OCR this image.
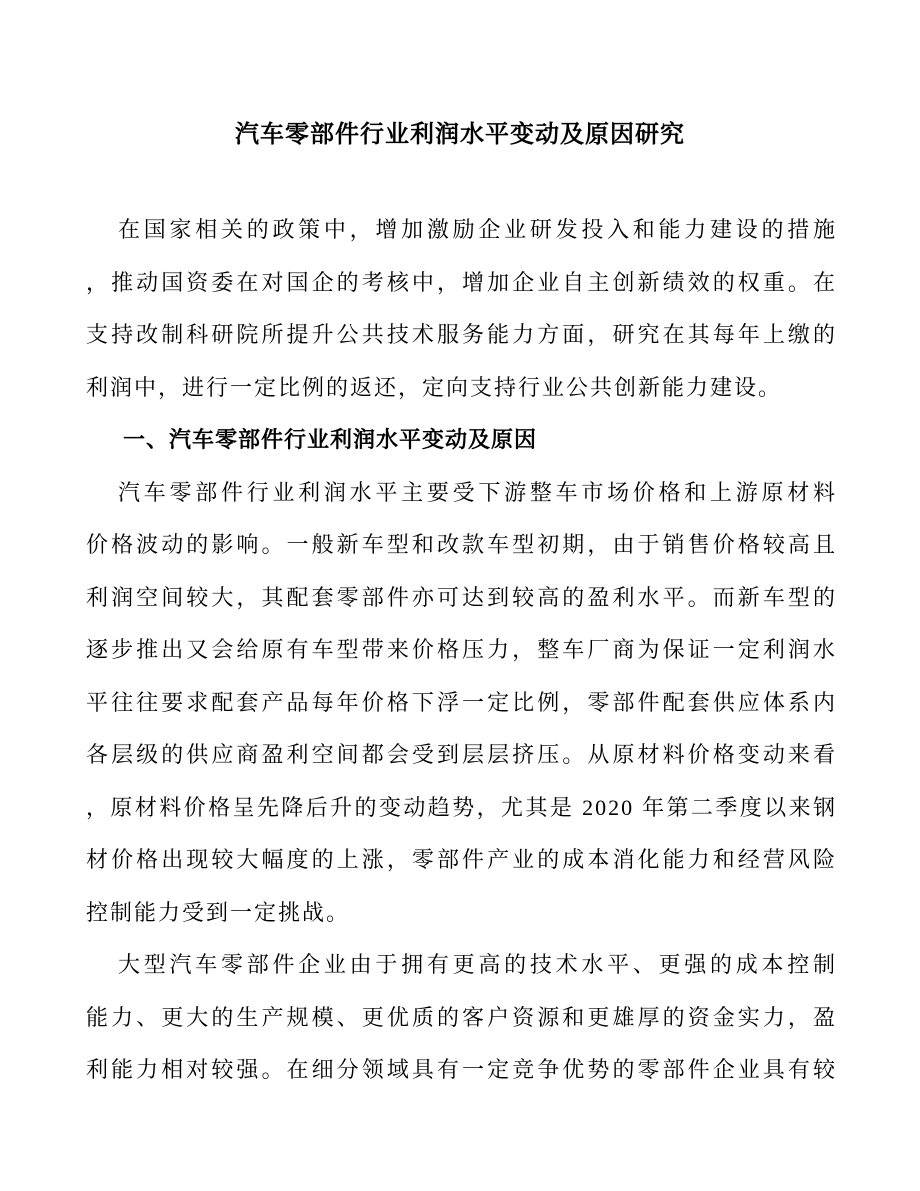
汽车零部件行业利润水平变动及原因研究

在国家相关的政策中，增加激励企业研发投入和能力建设的措施

，推动国资委在对国企的考核中，增加企业自主创新绩效的权重。在

支持改制科研院所提升公共技术服务能力方面，研究在其每年上缴的

利润中，进行一定比例的返还，定向支持行业公共创新能力建设。

一、汽车零部件行业利润水平变动及原因

汽车零部件行业利润水平主要受下游整车市场价格和上游原材料

价格波动的影响。一般新车型和改款车型初期，由于销售价格较高且

利润空间较大，其配套零部件亦可达到较高的盈利水平。而新车型的

逐步推出又会给原有车型带来价格压力，整车厂商为保证一定利润水

平往往要求配套产品每年价格下浮一定比例，零部件配套供应体系内

各层级的供应商盈利空间都会受到层层挤压。从原材料价格变动来看

，原材料价格呈先降后升的变动趋势，尤其是 2020 年第二季度以来钢

材价格出现较大幅度的上涨，零部件产业的成本消化能力和经营风险

控制能力受到一定挑战。

大型汽车零部件企业由于拥有更高的技术水平、更强的成本控制

能力、更大的生产规模、更优质的客户资源和更雄厚的资金实力，盈

利能力相对较强。在细分领域具有一定竞争优势的零部件企业具有较
